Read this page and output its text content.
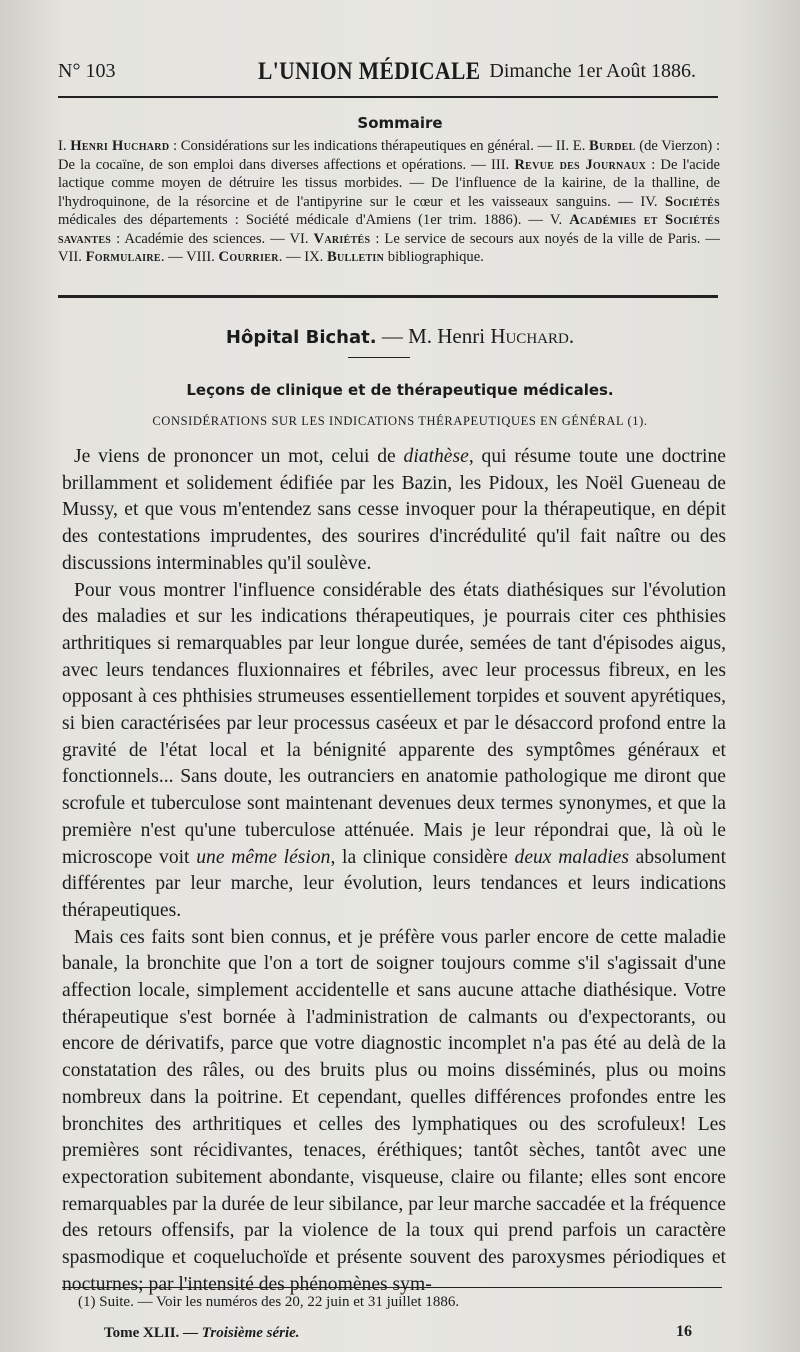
N° 103	L'UNION MÉDICALE Dimanche 1er Août 1886.
Sommaire

I. Henri Huchard : Considérations sur les indications thérapeutiques en général. — II. E. Burdel (de Vierzon) : De la cocaïne, de son emploi dans diverses affections et opérations. — III. Revue des Journaux : De l'acide lactique comme moyen de détruire les tissus morbides. — De l'influence de la kairine, de la thalline, de l'hydroquinone, de la résorcine et de l'antipyrine sur le cœur et les vaisseaux sanguins. — IV. Sociétés médicales des départements : Société médicale d'Amiens (1er trim. 1886). — V. Académies et Sociétés savantes : Académie des sciences. — VI. Variétés : Le service de secours aux noyés de la ville de Paris. — VII. Formulaire. — VIII. Courrier. — IX. Bulletin bibliographique.

Hôpital Bichat. — M. Henri Huchard.
Leçons de clinique et de thérapeutique médicales.
CONSIDÉRATIONS SUR LES INDICATIONS THÉRAPEUTIQUES EN GÉNÉRAL (1).

Je viens de prononcer un mot, celui de diathèse, qui résume toute une doctrine brillamment et solidement édifiée par les Bazin, les Pidoux, les Noël Gueneau de Mussy, et que vous m'entendez sans cesse invoquer pour la thérapeutique, en dépit des contestations imprudentes, des sourires d'incrédulité qu'il fait naître ou des discussions interminables qu'il soulève.

Pour vous montrer l'influence considérable des états diathésiques sur l'évolution des maladies et sur les indications thérapeutiques, je pourrais citer ces phthisies arthritiques si remarquables par leur longue durée, semées de tant d'épisodes aigus, avec leurs tendances fluxionnaires et fébriles, avec leur processus fibreux, en les opposant à ces phthisies strumeuses essentiellement torpides et souvent apyrétiques, si bien caractérisées par leur processus caséeux et par le désaccord profond entre la gravité de l'état local et la bénignité apparente des symptômes généraux et fonctionnels... Sans doute, les outranciers en anatomie pathologique me diront que scrofule et tuberculose sont maintenant devenues deux termes synonymes, et que la première n'est qu'une tuberculose atténuée. Mais je leur répondrai que, là où le microscope voit une même lésion, la clinique considère deux maladies absolument différentes par leur marche, leur évolution, leurs tendances et leurs indications thérapeutiques.

Mais ces faits sont bien connus, et je préfère vous parler encore de cette maladie banale, la bronchite que l'on a tort de soigner toujours comme s'il s'agissait d'une affection locale, simplement accidentelle et sans aucune attache diathésique. Votre thérapeutique s'est bornée à l'administration de calmants ou d'expectorants, ou encore de dérivatifs, parce que votre diagnostic incomplet n'a pas été au delà de la constatation des râles, ou des bruits plus ou moins disséminés, plus ou moins nombreux dans la poitrine. Et cependant, quelles différences profondes entre les bronchites des arthritiques et celles des lymphatiques ou des scrofuleux! Les premières sont récidivantes, tenaces, éréthiques; tantôt sèches, tantôt avec une expectoration subitement abondante, visqueuse, claire ou filante; elles sont encore remarquables par la durée de leur sibilance, par leur marche saccadée et la fréquence des retours offensifs, par la violence de la toux qui prend parfois un caractère spasmodique et coqueluchoïde et présente souvent des paroxysmes périodiques et nocturnes; par l'intensité des phénomènes sym-

(1) Suite. — Voir les numéros des 20, 22 juin et 31 juillet 1886.
Tome XLII. — Troisième série.	16
